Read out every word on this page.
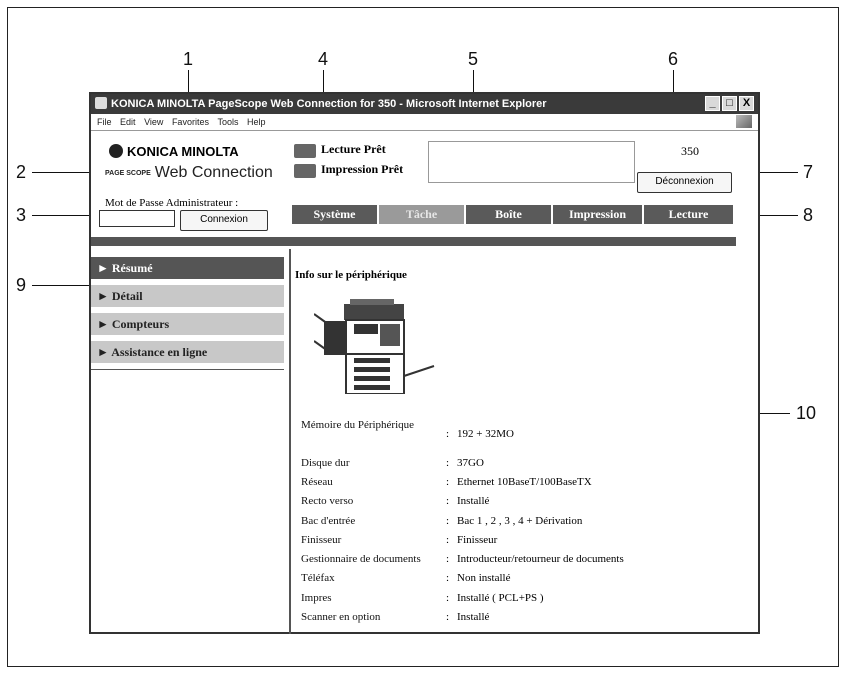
1	4	5	6
2
3
9
7
8
10
KONICA MINOLTA PageScope Web Connection for 350 - Microsoft Internet Explorer	_ □ X
File Edit View Favorites Tools Help
KONICA MINOLTA
PAGE SCOPE Web Connection
Lecture Prêt
Impression Prêt
350
Déconnexion
Mot de Passe Administrateur :
Connexion	Système	Tâche	Boîte	Impression	Lecture
► Résumé
► Détail
► Compteurs
► Assistance en ligne
Info sur le périphérique
Mémoire du Périphérique
: 192 + 32MO
Disque dur	: 37GO
Réseau	: Ethernet 10BaseT/100BaseTX
Recto verso	: Installé
Bac d'entrée	: Bac 1 , 2 , 3 , 4 + Dérivation
Finisseur	: Finisseur
Gestionnaire de documents : Introducteur/retourneur de documents
Téléfax	: Non installé
Impres	: Installé ( PCL+PS )
Scanner en option	: Installé
